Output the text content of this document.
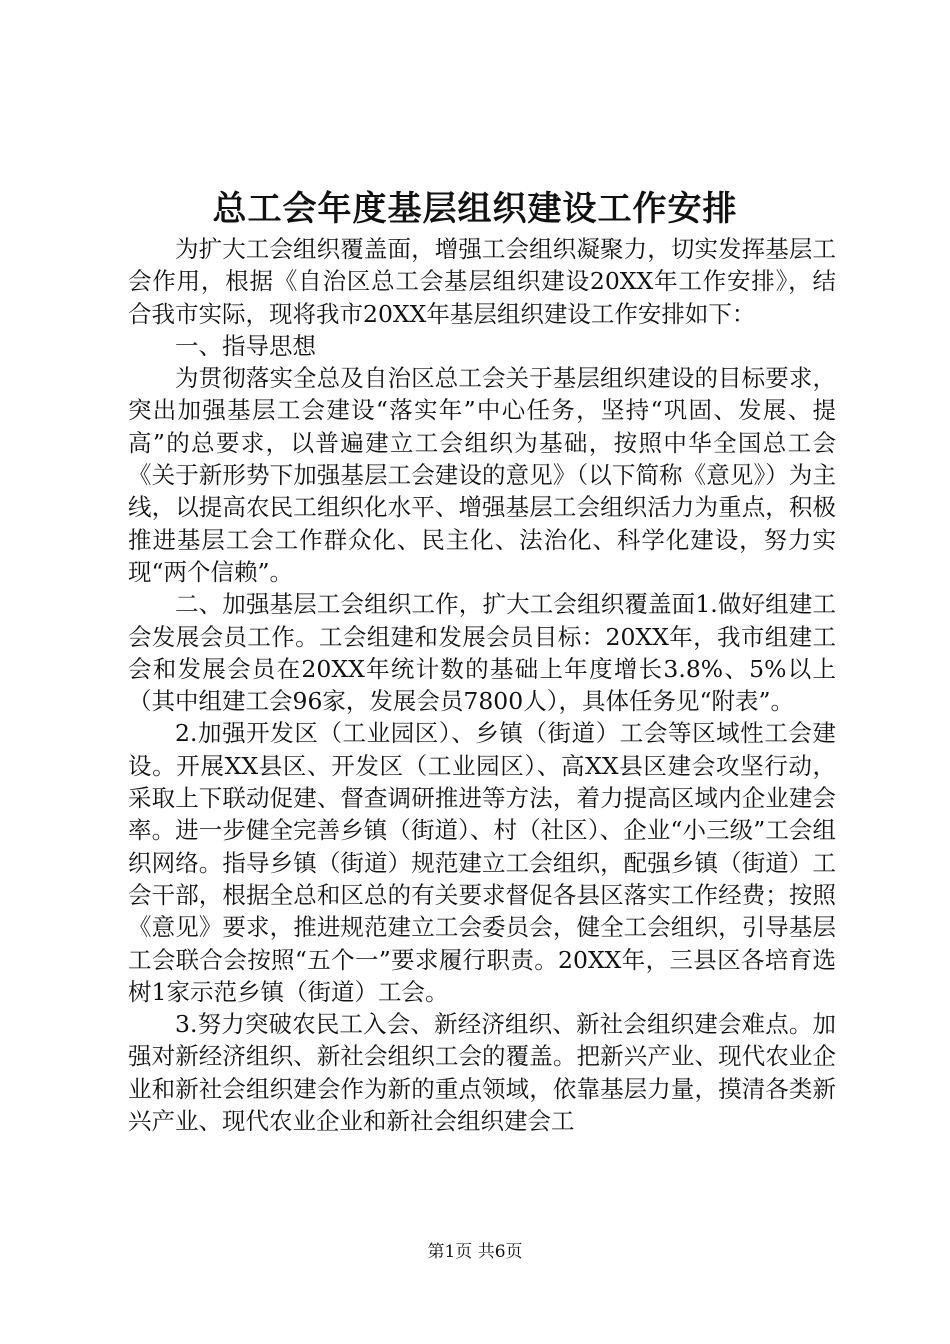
总工会年度基层组织建设工作安排

为扩大工会组织覆盖面，增强工会组织凝聚力，切实发挥基层工会作用，根据《自治区总工会基层组织建设20XX年工作安排》，结合我市实际，现将我市20XX年基层组织建设工作安排如下：

一、指导思想

为贯彻落实全总及自治区总工会关于基层组织建设的目标要求，突出加强基层工会建设“落实年”中心任务，坚持“巩固、发展、提高”的总要求，以普遍建立工会组织为基础，按照中华全国总工会《关于新形势下加强基层工会建设的意见》（以下简称《意见》）为主线，以提高农民工组织化水平、增强基层工会组织活力为重点，积极推进基层工会工作群众化、民主化、法治化、科学化建设，努力实现“两个信赖”。

二、加强基层工会组织工作，扩大工会组织覆盖面1.做好组建工会发展会员工作。工会组建和发展会员目标：20XX年，我市组建工会和发展会员在20XX年统计数的基础上年度增长3.8%、5%以上（其中组建工会96家，发展会员7800人），具体任务见“附表”。

2.加强开发区（工业园区）、乡镇（街道）工会等区域性工会建设。开展XX县区、开发区（工业园区）、高XX县区建会攻坚行动，采取上下联动促建、督查调研推进等方法，着力提高区域内企业建会率。进一步健全完善乡镇（街道）、村（社区）、企业“小三级”工会组织网络。指导乡镇（街道）规范建立工会组织，配强乡镇（街道）工会干部，根据全总和区总的有关要求督促各县区落实工作经费；按照《意见》要求，推进规范建立工会委员会，健全工会组织，引导基层工会联合会按照“五个一”要求履行职责。20XX年，三县区各培育选树1家示范乡镇（街道）工会。

3.努力突破农民工入会、新经济组织、新社会组织建会难点。加强对新经济组织、新社会组织工会的覆盖。把新兴产业、现代农业企业和新社会组织建会作为新的重点领域，依靠基层力量，摸清各类新兴产业、现代农业企业和新社会组织建会工

第1页 共6页
